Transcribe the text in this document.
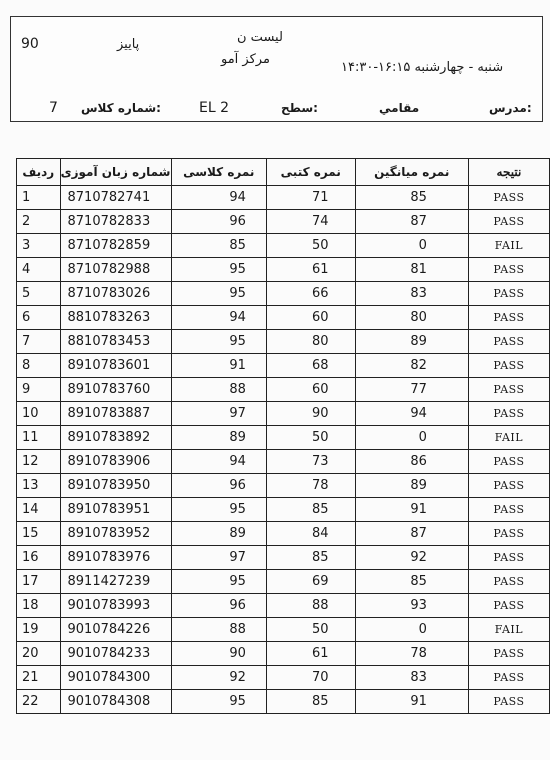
90	پاییز	لیست ن
مرکز آمو
شنبه - چهارشنبه ۱۶:۱۵-۱۴:۳۰
7 شماره کلاس:	EL 2	سطح:	مقامي	مدرس:
ردیف	شماره زبان آموزی	نمره کلاسی	نمره کتبی	نمره میانگین	نتیجه
1	8710782741	94	71	85	PASS
2	8710782833	96	74	87	PASS
3	8710782859	85	50	0	FAIL
4	8710782988	95	61	81	PASS
5	8710783026	95	66	83	PASS
6	8810783263	94	60	80	PASS
7	8810783453	95	80	89	PASS
8	8910783601	91	68	82	PASS
9	8910783760	88	60	77	PASS
10	8910783887	97	90	94	PASS
11	8910783892	89	50	0	FAIL
12	8910783906	94	73	86	PASS
13	8910783950	96	78	89	PASS
14	8910783951	95	85	91	PASS
15	8910783952	89	84	87	PASS
16	8910783976	97	85	92	PASS
17	8911427239	95	69	85	PASS
18	9010783993	96	88	93	PASS
19	9010784226	88	50	0	FAIL
20	9010784233	90	61	78	PASS
21	9010784300	92	70	83	PASS
22	9010784308	95	85	91	PASS
